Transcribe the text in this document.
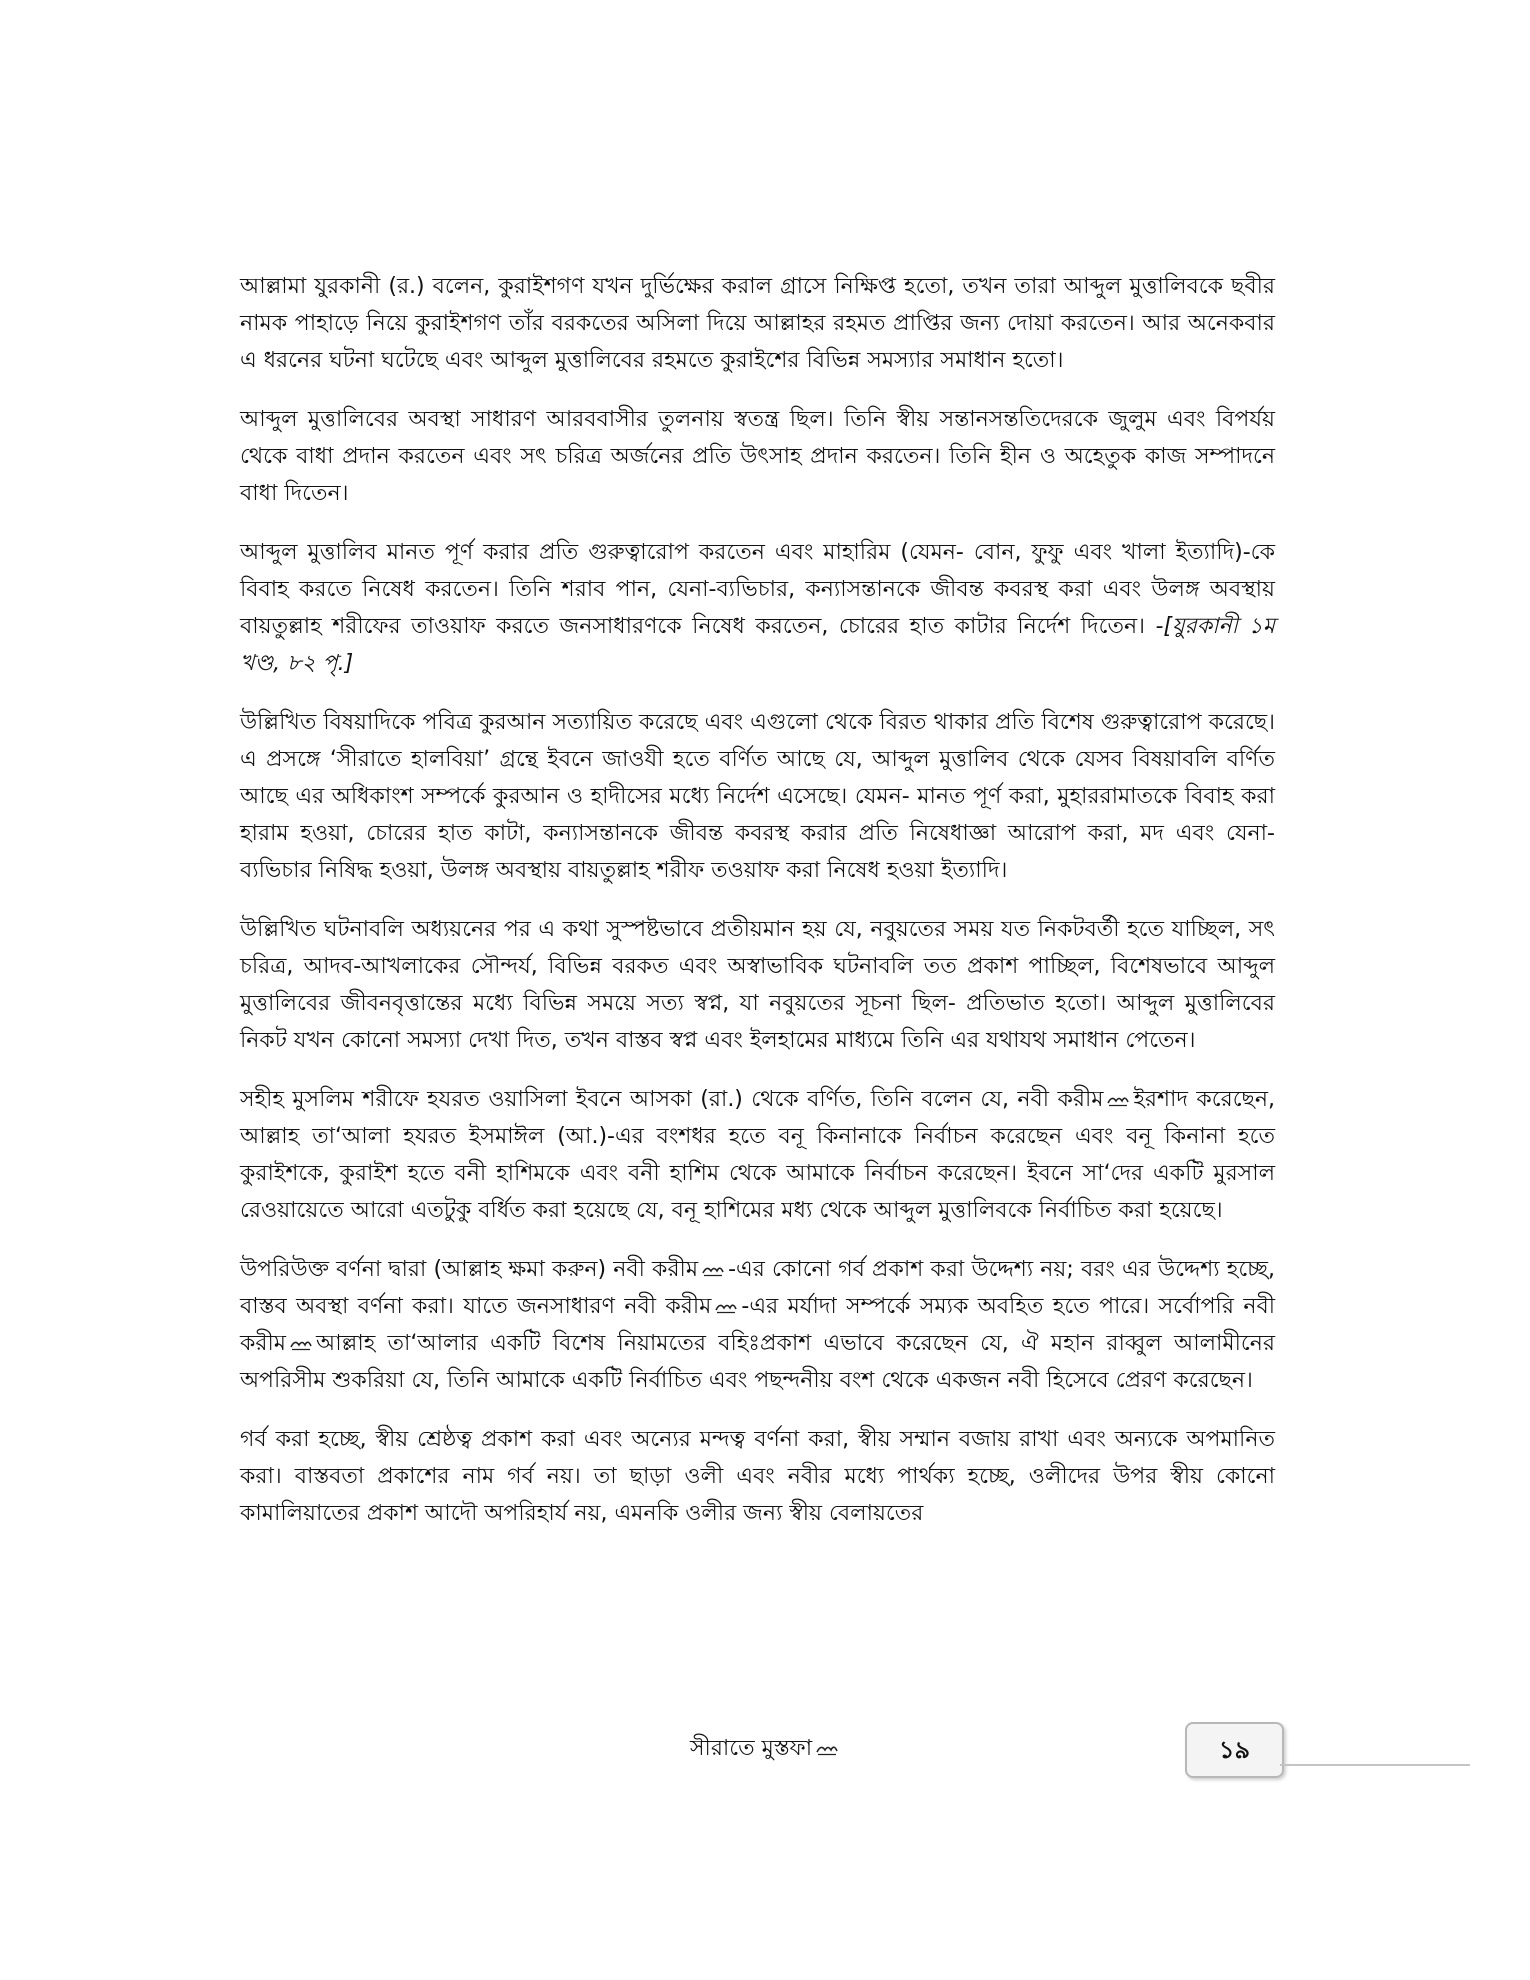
আল্লামা যুরকানী (র.) বলেন, কুরাইশগণ যখন দুর্ভিক্ষের করাল গ্রাসে নিক্ষিপ্ত হতো, তখন তারা আব্দুল মুত্তালিবকে ছবীর নামক পাহাড়ে নিয়ে কুরাইশগণ তাঁর বরকতের অসিলা দিয়ে আল্লাহর রহমত প্রাপ্তির জন্য দোয়া করতেন। আর অনেকবার এ ধরনের ঘটনা ঘটেছে এবং আব্দুল মুত্তালিবের রহমতে কুরাইশের বিভিন্ন সমস্যার সমাধান হতো।

আব্দুল মুত্তালিবের অবস্থা সাধারণ আরববাসীর তুলনায় স্বতন্ত্র ছিল। তিনি স্বীয় সন্তানসন্ততিদেরকে জুলুম এবং বিপর্যয় থেকে বাধা প্রদান করতেন এবং সৎ চরিত্র অর্জনের প্রতি উৎসাহ প্রদান করতেন। তিনি হীন ও অহেতুক কাজ সম্পাদনে বাধা দিতেন।

আব্দুল মুত্তালিব মানত পূর্ণ করার প্রতি গুরুত্বারোপ করতেন এবং মাহারিম (যেমন- বোন, ফুফু এবং খালা ইত্যাদি)-কে বিবাহ করতে নিষেধ করতেন। তিনি শরাব পান, যেনা-ব্যভিচার, কন্যাসন্তানকে জীবন্ত কবরস্থ করা এবং উলঙ্গ অবস্থায় বায়তুল্লাহ শরীফের তাওয়াফ করতে জনসাধারণকে নিষেধ করতেন, চোরের হাত কাটার নির্দেশ দিতেন। -[যুরকানী ১ম খণ্ড, ৮২ পৃ.]

উল্লিখিত বিষয়াদিকে পবিত্র কুরআন সত্যায়িত করেছে এবং এগুলো থেকে বিরত থাকার প্রতি বিশেষ গুরুত্বারোপ করেছে। এ প্রসঙ্গে ‘সীরাতে হালবিয়া’ গ্রন্থে ইবনে জাওযী হতে বর্ণিত আছে যে, আব্দুল মুত্তালিব থেকে যেসব বিষয়াবলি বর্ণিত আছে এর অধিকাংশ সম্পর্কে কুরআন ও হাদীসের মধ্যে নির্দেশ এসেছে। যেমন- মানত পূর্ণ করা, মুহাররামাতকে বিবাহ করা হারাম হওয়া, চোরের হাত কাটা, কন্যাসন্তানকে জীবন্ত কবরস্থ করার প্রতি নিষেধাজ্ঞা আরোপ করা, মদ এবং যেনা-ব্যভিচার নিষিদ্ধ হওয়া, উলঙ্গ অবস্থায় বায়তুল্লাহ শরীফ তওয়াফ করা নিষেধ হওয়া ইত্যাদি।

উল্লিখিত ঘটনাবলি অধ্যয়নের পর এ কথা সুস্পষ্টভাবে প্রতীয়মান হয় যে, নবুয়তের সময় যত নিকটবর্তী হতে যাচ্ছিল, সৎ চরিত্র, আদব-আখলাকের সৌন্দর্য, বিভিন্ন বরকত এবং অস্বাভাবিক ঘটনাবলি তত প্রকাশ পাচ্ছিল, বিশেষভাবে আব্দুল মুত্তালিবের জীবনবৃত্তান্তের মধ্যে বিভিন্ন সময়ে সত্য স্বপ্ন, যা নবুয়তের সূচনা ছিল- প্রতিভাত হতো। আব্দুল মুত্তালিবের নিকট যখন কোনো সমস্যা দেখা দিত, তখন বাস্তব স্বপ্ন এবং ইলহামের মাধ্যমে তিনি এর যথাযথ সমাধান পেতেন।

সহীহ মুসলিম শরীফে হযরত ওয়াসিলা ইবনে আসকা (রা.) থেকে বর্ণিত, তিনি বলেন যে, নবী করীম ইরশাদ করেছেন, আল্লাহ তা‘আলা হযরত ইসমাঈল (আ.)-এর বংশধর হতে বনূ কিনানাকে নির্বাচন করেছেন এবং বনূ কিনানা হতে কুরাইশকে, কুরাইশ হতে বনী হাশিমকে এবং বনী হাশিম থেকে আমাকে নির্বাচন করেছেন। ইবনে সা‘দের একটি মুরসাল রেওয়ায়েতে আরো এতটুকু বর্ধিত করা হয়েছে যে, বনূ হাশিমের মধ্য থেকে আব্দুল মুত্তালিবকে নির্বাচিত করা হয়েছে।

উপরিউক্ত বর্ণনা দ্বারা (আল্লাহ ক্ষমা করুন) নবী করীম -এর কোনো গর্ব প্রকাশ করা উদ্দেশ্য নয়; বরং এর উদ্দেশ্য হচ্ছে, বাস্তব অবস্থা বর্ণনা করা। যাতে জনসাধারণ নবী করীম -এর মর্যাদা সম্পর্কে সম্যক অবহিত হতে পারে। সর্বোপরি নবী করীম আল্লাহ তা‘আলার একটি বিশেষ নিয়ামতের বহিঃপ্রকাশ এভাবে করেছেন যে, ঐ মহান রাব্বুল আলামীনের অপরিসীম শুকরিয়া যে, তিনি আমাকে একটি নির্বাচিত এবং পছন্দনীয় বংশ থেকে একজন নবী হিসেবে প্রেরণ করেছেন।

গর্ব করা হচ্ছে, স্বীয় শ্রেষ্ঠত্ব প্রকাশ করা এবং অন্যের মন্দত্ব বর্ণনা করা, স্বীয় সম্মান বজায় রাখা এবং অন্যকে অপমানিত করা। বাস্তবতা প্রকাশের নাম গর্ব নয়। তা ছাড়া ওলী এবং নবীর মধ্যে পার্থক্য হচ্ছে, ওলীদের উপর স্বীয় কোনো কামালিয়াতের প্রকাশ আদৌ অপরিহার্য নয়, এমনকি ওলীর জন্য স্বীয় বেলায়তের

সীরাতে মুস্তফা	১৯
